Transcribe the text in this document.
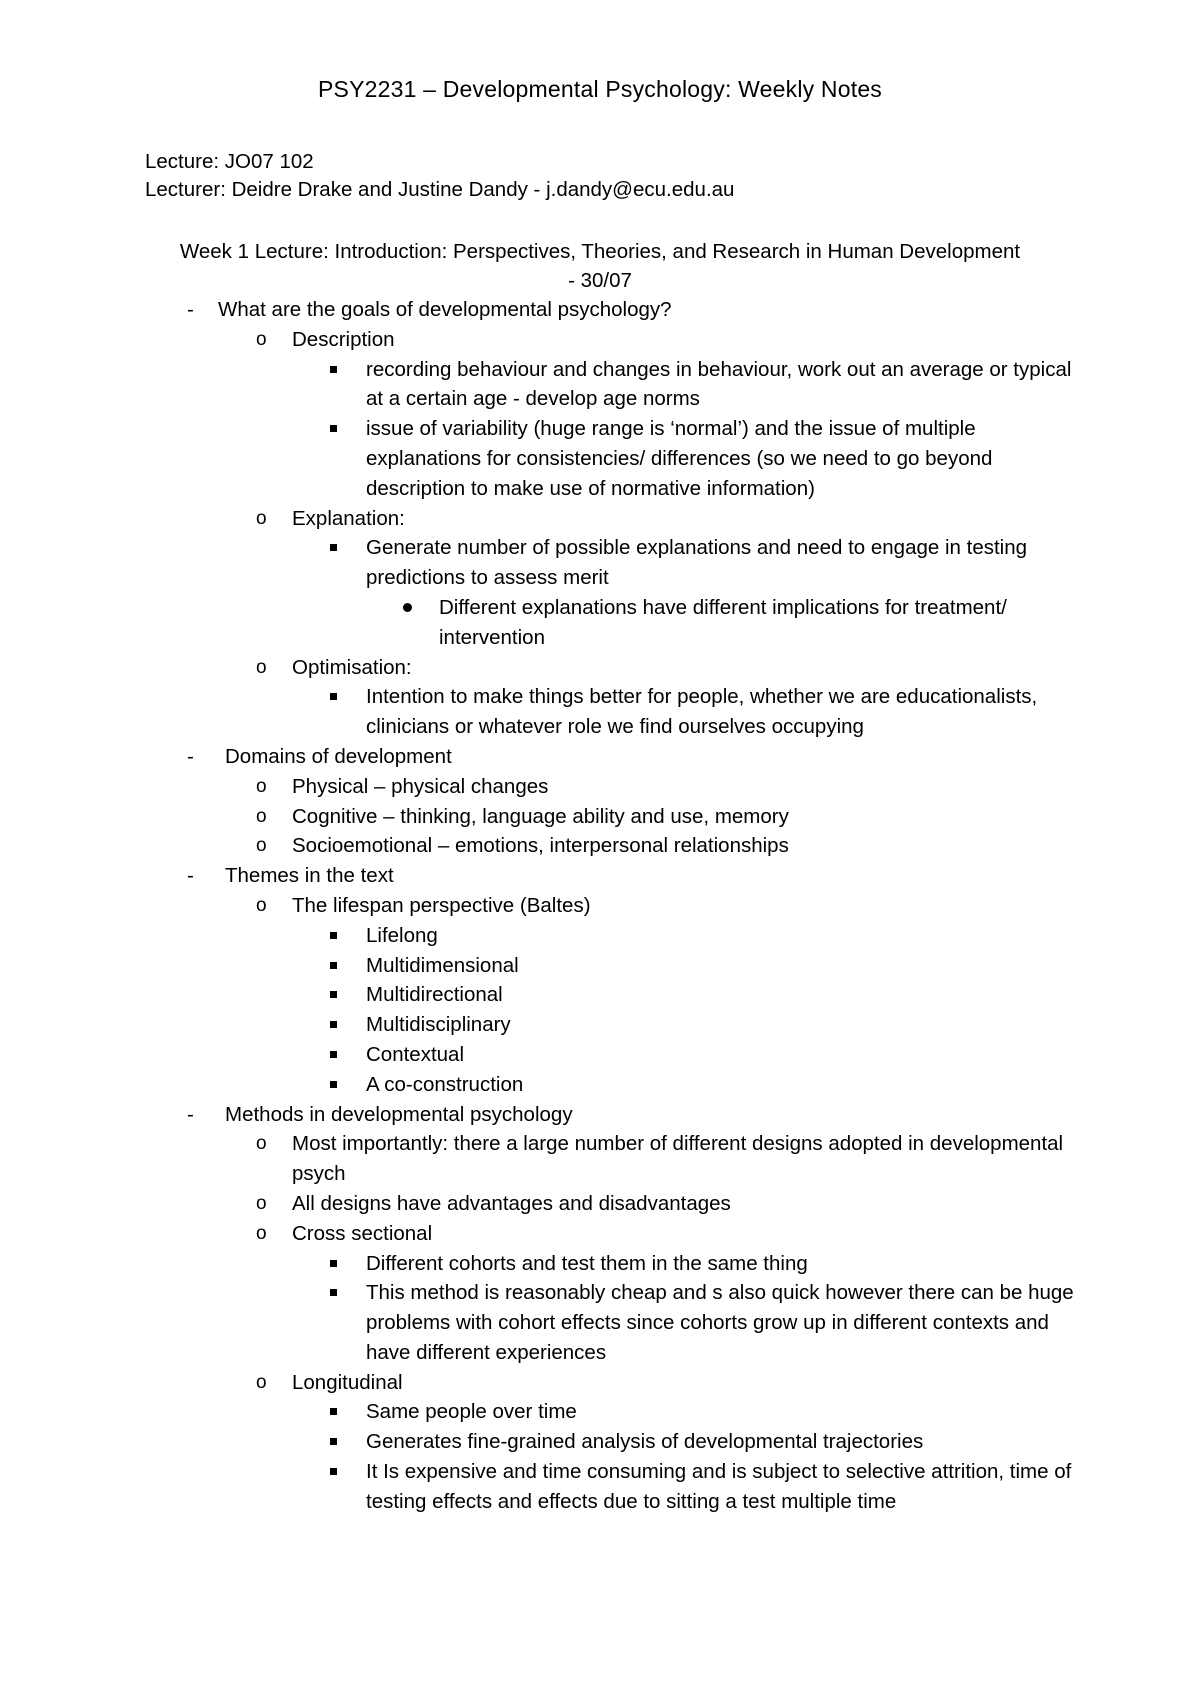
PSY2231 – Developmental Psychology: Weekly Notes
Lecture: JO07 102
Lecturer: Deidre Drake and Justine Dandy - j.dandy@ecu.edu.au
Week 1 Lecture: Introduction: Perspectives, Theories, and Research in Human Development
- 30/07
-	What are the goals of developmental psychology?
o	Description
recording behaviour and changes in behaviour, work out an average or typical at a certain age - develop age norms
issue of variability (huge range is ‘normal’) and the issue of multiple explanations for consistencies/ differences (so we need to go beyond description to make use of normative information)
o	Explanation:
Generate number of possible explanations and need to engage in testing predictions to assess merit
Different explanations have different implications for treatment/ intervention
o	Optimisation:
Intention to make things better for people, whether we are educationalists, clinicians or whatever role we find ourselves occupying
-	Domains of development
o	Physical – physical changes
o	Cognitive – thinking, language ability and use, memory
o	Socioemotional – emotions, interpersonal relationships
-	Themes in the text
o	The lifespan perspective (Baltes)
Lifelong
Multidimensional
Multidirectional
Multidisciplinary
Contextual
A co-construction
-	Methods in developmental psychology
o	Most importantly: there a large number of different designs adopted in developmental psych
o	All designs have advantages and disadvantages
o	Cross sectional
Different cohorts and test them in the same thing
This method is reasonably cheap and s also quick however there can be huge problems with cohort effects since cohorts grow up in different contexts and have different experiences
o	Longitudinal
Same people over time
Generates fine-grained analysis of developmental trajectories
It Is expensive and time consuming and is subject to selective attrition, time of testing effects and effects due to sitting a test multiple time
